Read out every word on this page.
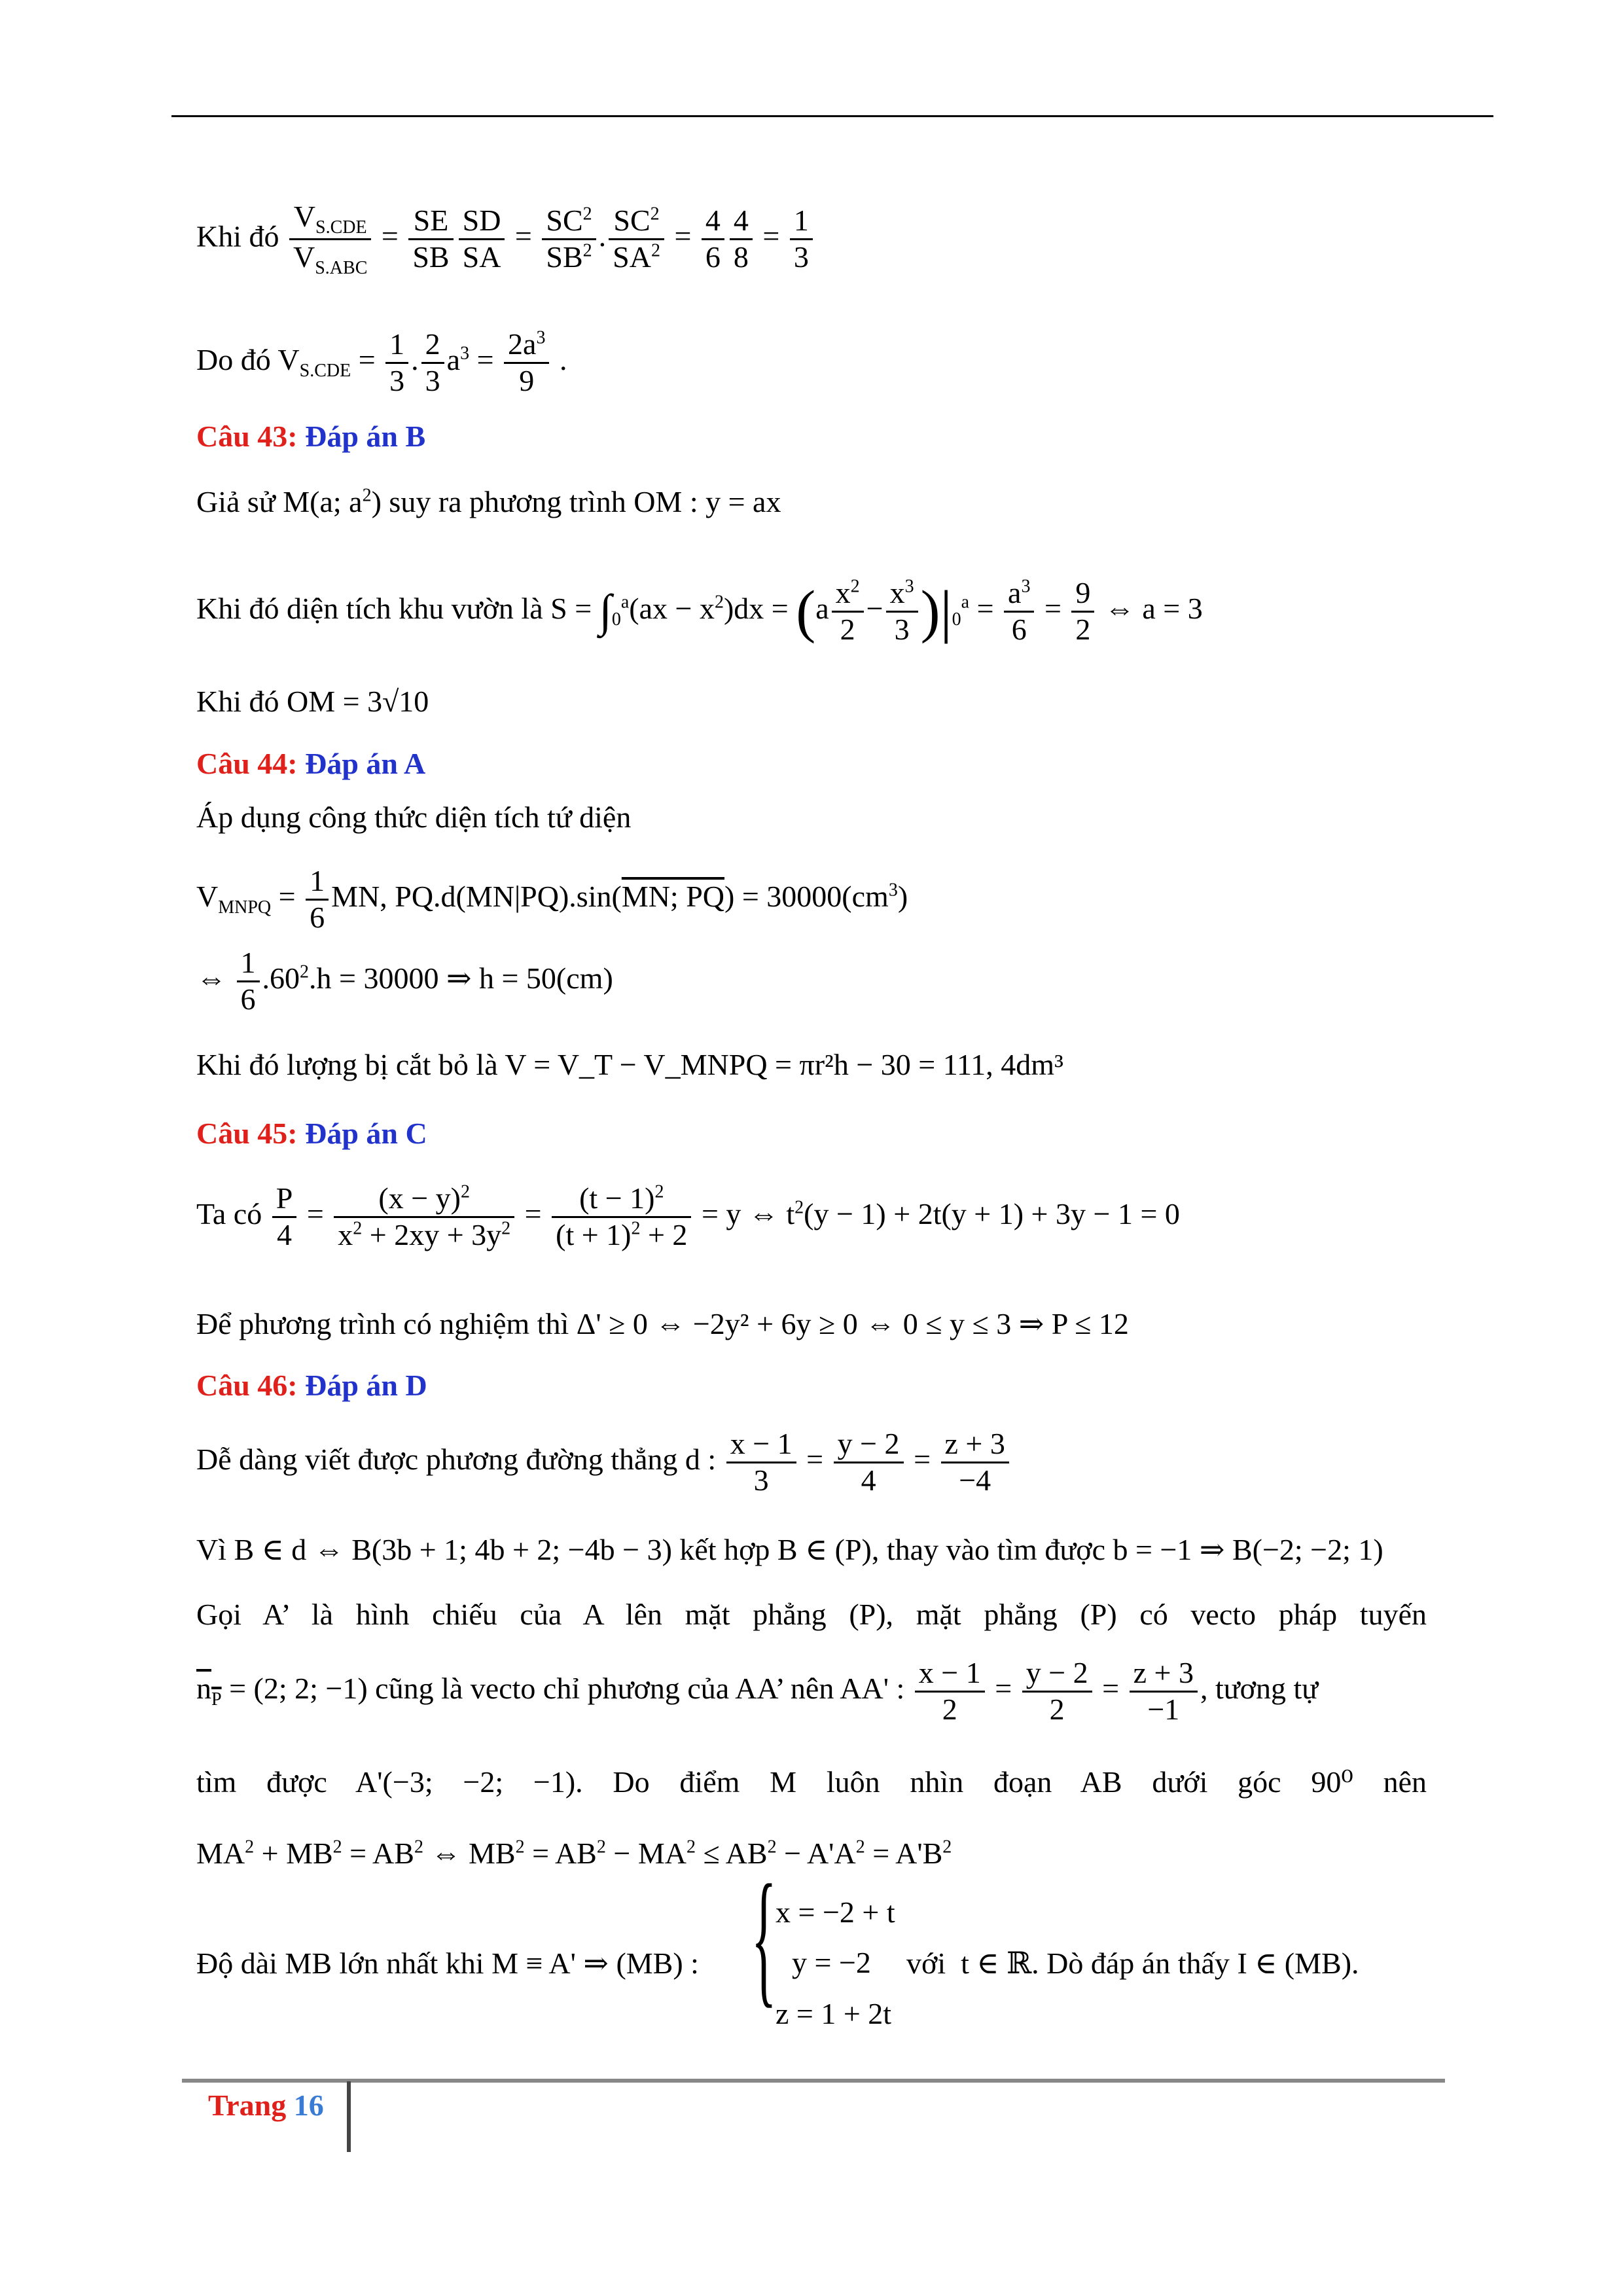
Khi đó $\frac{V_{S.CDE}}{V_{S.ABC}} = \frac{SE}{SB} \frac{SD}{SA} = \frac{SC^2}{SB^2}$ . $\frac{SC^2}{SA^2} = \frac{4}{6} \frac{4}{8} = \frac{1}{3}$
Do đó $V_{S.CDE} = \frac{1}{3}$ . $\frac{2}{3} a^3 = \frac{2a^3}{9}$ .
Câu 43: Đáp án B
Giả sử M(a; $a^2$) suy ra phương trình OM : y = ax
Khi đó diện tích khu vườn là $S = \int_0^a(ax - x^2)dx = (a \frac{x^2}{2} - \frac{x^3}{3} )|_0^a = \frac{a^3}{6} = \frac{9}{2}$ ⇔ a = 3
Khi đó OM = 3√10
Câu 44: Đáp án A
Áp dụng công thức diện tích tứ diện
$V_{MNPQ} = \frac{1}{6}$ MN, PQ.d(MN|PQ).sin(MN; $PQ) = 30000(cm^3)$
⇔ $\frac{1}{6} .60^2.h = 30000$ ⇒ h = 50(cm)
Khi đó lượng bị cắt bỏ là V = V_T − V_MNPQ = πr²h − 30 = 111, 4dm³
Câu 45: Đáp án C
Ta có $\frac{P}{4} = \frac{(x - y)^2}{x^2 + 2xy + 3y^2} = \frac{(t - 1)^2}{(t + 1)^2 + 2} = y$ ⇔ $t^2(y - 1) + 2t(y + 1) + 3y - 1 = 0$
Để phương trình có nghiệm thì Δ' ≥ 0 ⇔ −2y² + 6y ≥ 0 ⇔ 0 ≤ y ≤ 3 ⇒ P ≤ 12
Câu 46: Đáp án D
Dễ dàng viết được phương đường thẳng d : $\frac{x - 1}{3} = \frac{y - 2}{4} = \frac{z + 3}{-4}$
Vì B ∈ d ⇔ B(3b + 1; 4b + 2; −4b − 3) kết hợp B ∈ (P), thay vào tìm được b = −1 ⇒ B(−2; −2; 1)
Gọi A’ là hình chiếu của A lên mặt phẳng (P), mặt phẳng (P) có vecto pháp tuyến
$n_P = (2$; 2; −1) cũng là vecto chỉ phương của AA’ nên AA' : $\frac{x - 1}{2} = \frac{y - 2}{2} = \frac{z + 3}{-1}$ , tương tự
tìm được A'(−3; −2; −1). Do điểm M luôn nhìn đoạn AB dưới góc 90⁰ nên
$MA^2 + MB^2 = AB^2$ ⇔ $MB^2 = AB^2 - MA^2 \le AB^2 - A'A^2 = A'B^2$
Độ dài MB lớn nhất khi M ≡ A' ⇒ (MB) : {
x = −2 + t
y = −2 với t ∈ ℝ. Dò đáp án thấy I ∈ (MB).
z = 1 + 2t
Trang 16
